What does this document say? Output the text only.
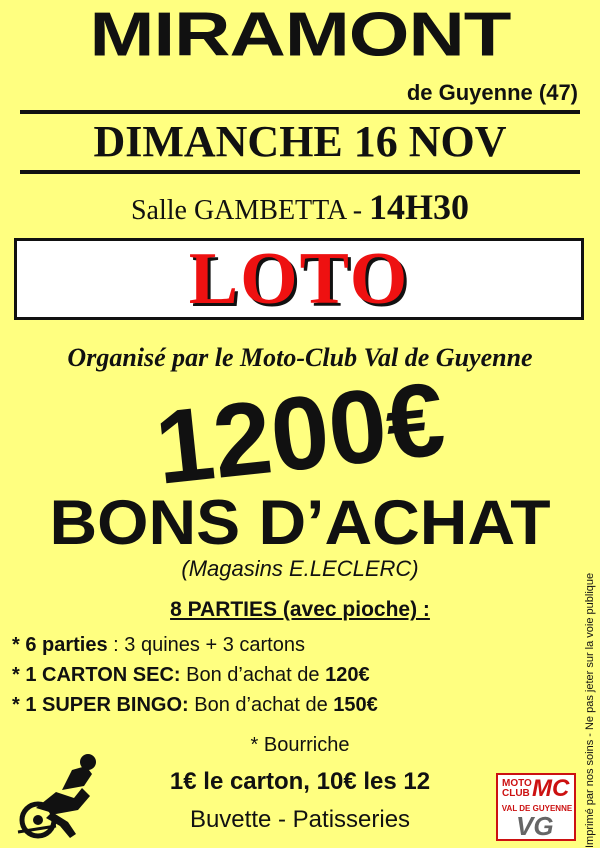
MIRAMONT
de Guyenne (47)
DIMANCHE 16 NOV
Salle GAMBETTA - 14H30
LOTO
Organisé par le Moto-Club Val de Guyenne
1200€
BONS D’ACHAT
(Magasins E.LECLERC)
8 PARTIES (avec pioche) :
* 6 parties : 3 quines + 3 cartons
* 1 CARTON SEC: Bon d’achat de 120€
* 1 SUPER BINGO: Bon d’achat de 150€
* Bourriche
1€ le carton, 10€ les 12
Buvette - Patisseries	Imprimé par nos soins - Ne pas jeter sur la voie publique
MOTO
CLUB MC
VAL DE GUYENNE
VG
